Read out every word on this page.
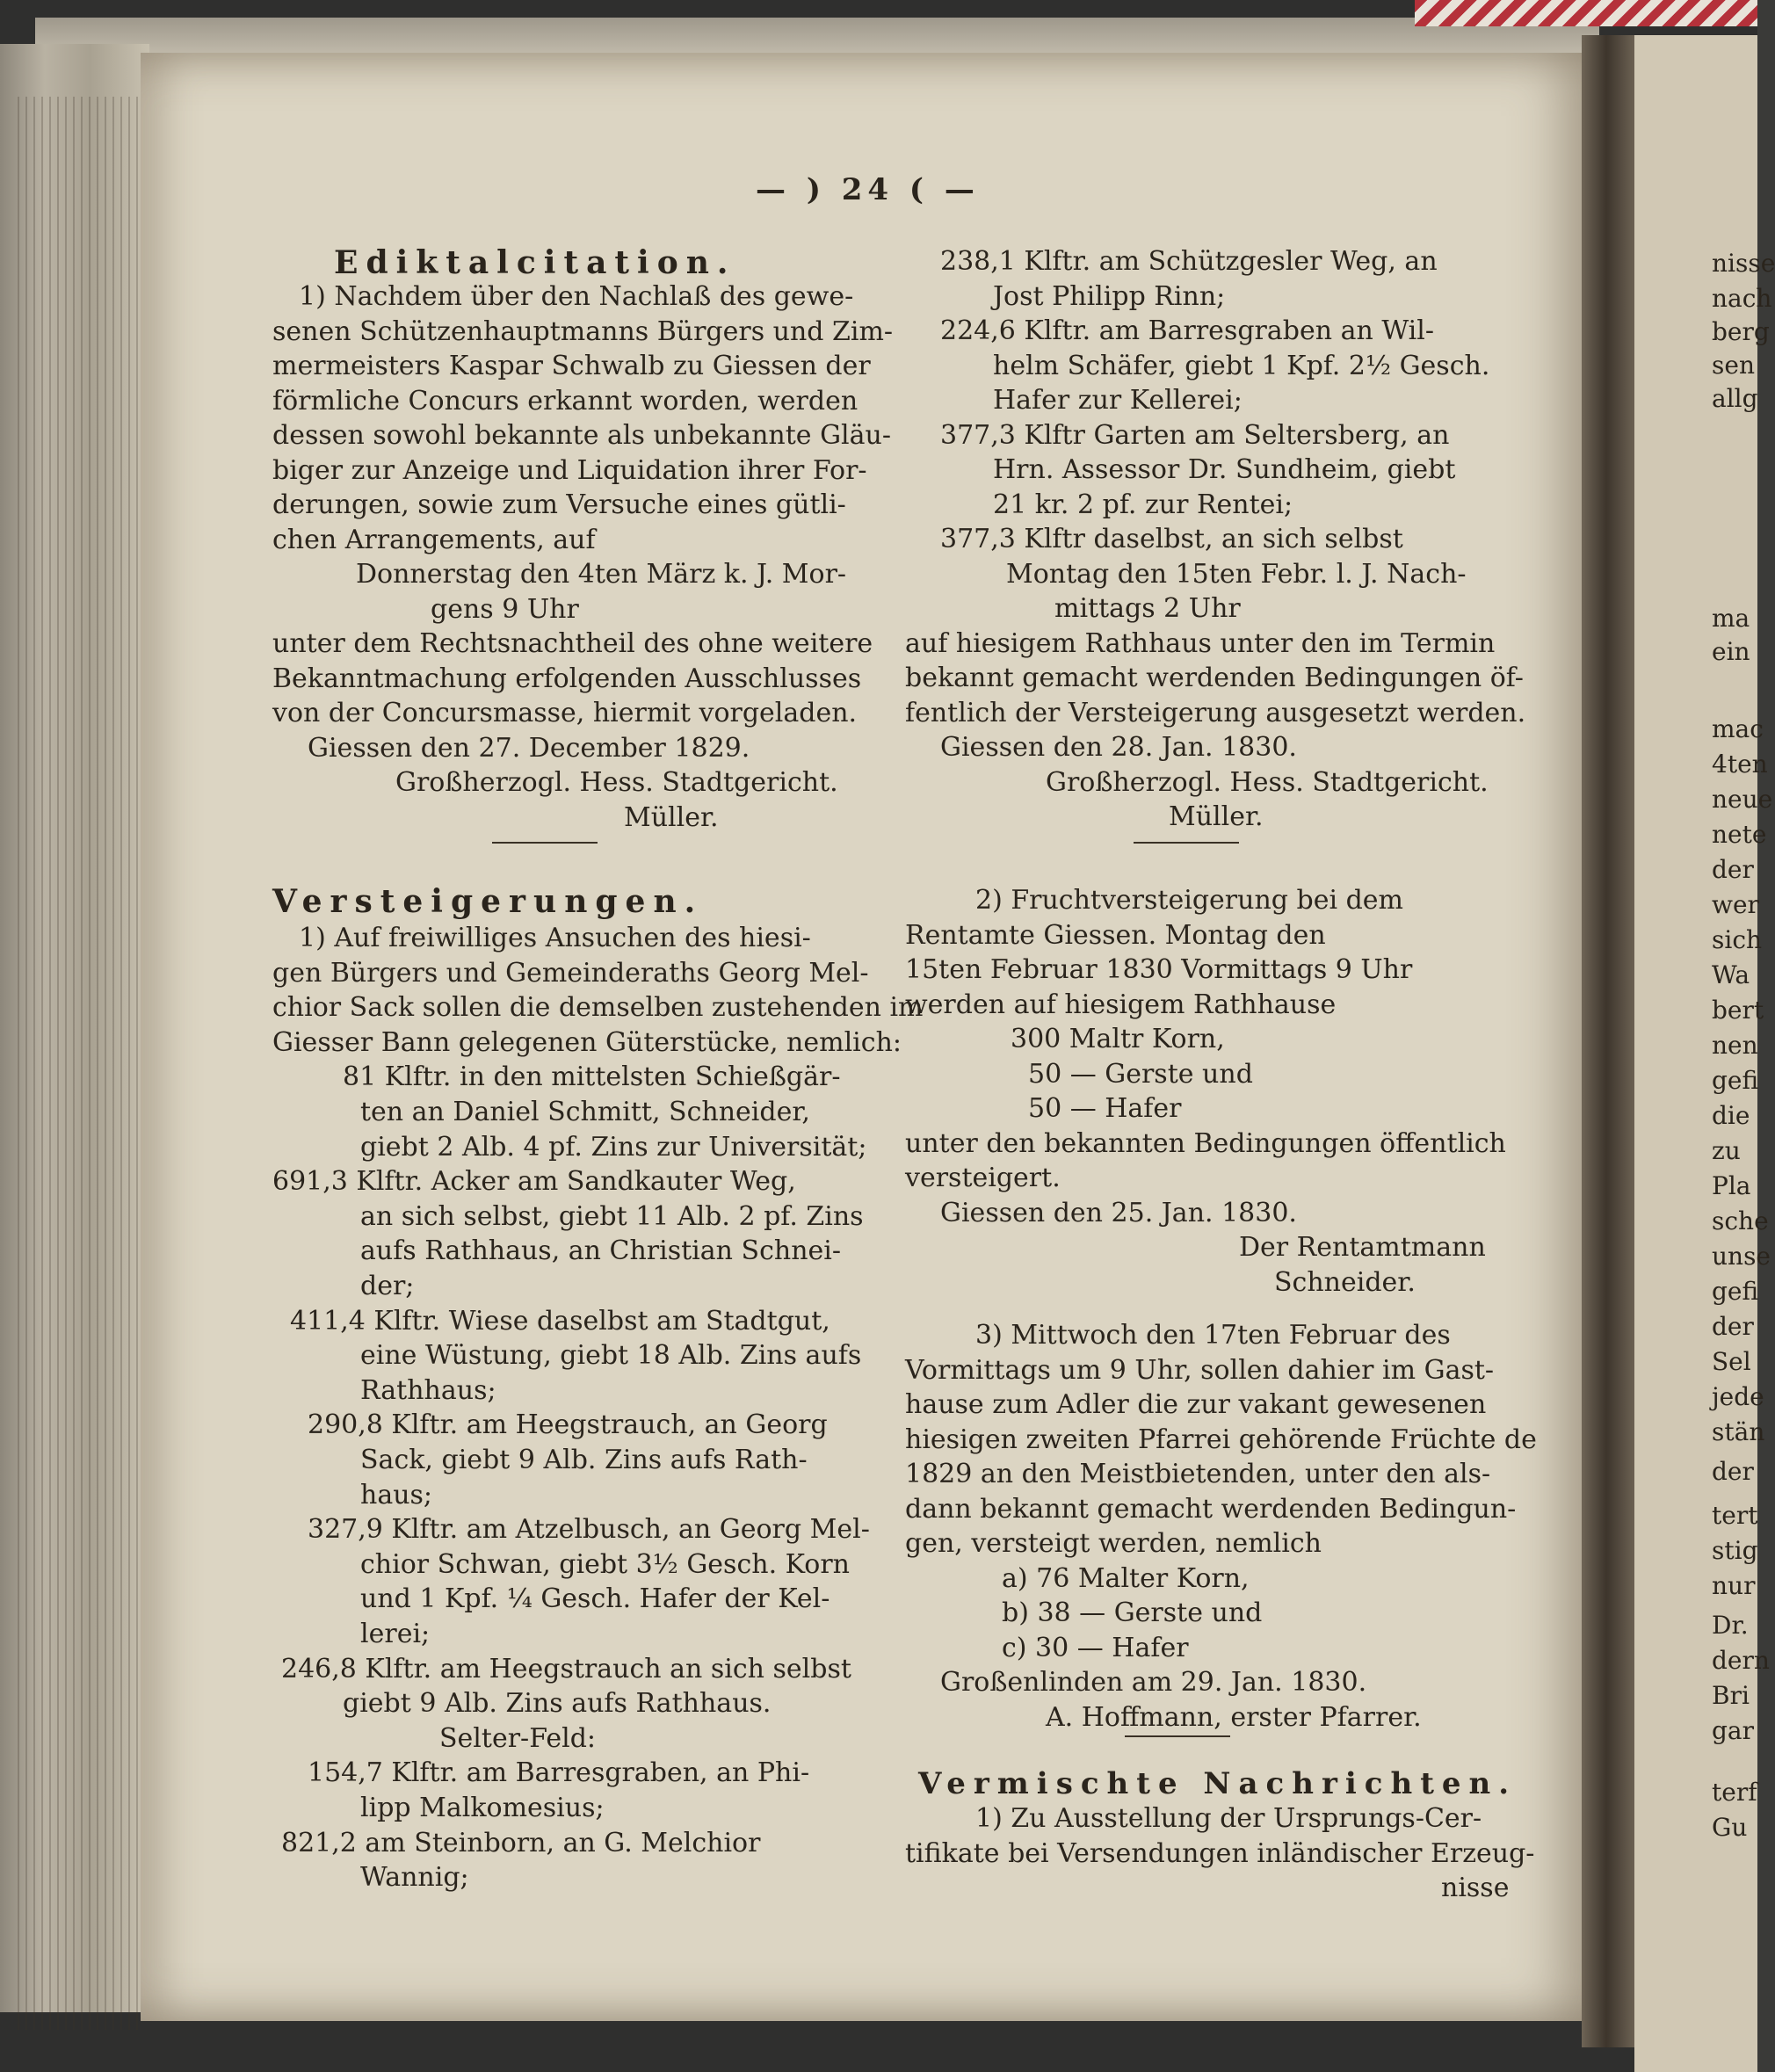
— ) 24 ( —
Ediktalcitation.
1) Nachdem über den Nachlaß des gewe-
senen Schützenhauptmanns Bürgers und Zim-
mermeisters Kaspar Schwalb zu Giessen der
förmliche Concurs erkannt worden, werden
dessen sowohl bekannte als unbekannte Gläu-
biger zur Anzeige und Liquidation ihrer For-
derungen, sowie zum Versuche eines gütli-
chen Arrangements, auf
Donnerstag den 4ten März k. J. Mor-
gens 9 Uhr
unter dem Rechtsnachtheil des ohne weitere
Bekanntmachung erfolgenden Ausschlusses
von der Concursmasse, hiermit vorgeladen.
Giessen den 27. December 1829.
Großherzogl. Hess. Stadtgericht.
Müller.
Versteigerungen.
1) Auf freiwilliges Ansuchen des hiesi-
gen Bürgers und Gemeinderaths Georg Mel-
chior Sack sollen die demselben zustehenden im
Giesser Bann gelegenen Güterstücke, nemlich:
81 Klftr. in den mittelsten Schießgär-
ten an Daniel Schmitt, Schneider,
giebt 2 Alb. 4 pf. Zins zur Universität;
691,3 Klftr. Acker am Sandkauter Weg,
an sich selbst, giebt 11 Alb. 2 pf. Zins
aufs Rathhaus, an Christian Schnei-
der;
411,4 Klftr. Wiese daselbst am Stadtgut,
eine Wüstung, giebt 18 Alb. Zins aufs
Rathhaus;
290,8 Klftr. am Heegstrauch, an Georg
Sack, giebt 9 Alb. Zins aufs Rath-
haus;
327,9 Klftr. am Atzelbusch, an Georg Mel-
chior Schwan, giebt 3½ Gesch. Korn
und 1 Kpf. ¼ Gesch. Hafer der Kel-
lerei;
246,8 Klftr. am Heegstrauch an sich selbst
giebt 9 Alb. Zins aufs Rathhaus.
Selter-Feld:
154,7 Klftr. am Barresgraben, an Phi-
lipp Malkomesius;
821,2 am Steinborn, an G. Melchior
Wannig;
238,1 Klftr. am Schützgesler Weg, an
Jost Philipp Rinn;
224,6 Klftr. am Barresgraben an Wil-
helm Schäfer, giebt 1 Kpf. 2½ Gesch.
Hafer zur Kellerei;
377,3 Klftr Garten am Seltersberg, an
Hrn. Assessor Dr. Sundheim, giebt
21 kr. 2 pf. zur Rentei;
377,3 Klftr daselbst, an sich selbst
Montag den 15ten Febr. l. J. Nach-
mittags 2 Uhr
auf hiesigem Rathhaus unter den im Termin
bekannt gemacht werdenden Bedingungen öf-
fentlich der Versteigerung ausgesetzt werden.
Giessen den 28. Jan. 1830.
Großherzogl. Hess. Stadtgericht.
Müller.
2) Fruchtversteigerung bei dem
Rentamte Giessen. Montag den
15ten Februar 1830 Vormittags 9 Uhr
werden auf hiesigem Rathhause
300 Maltr Korn,
50 — Gerste und
50 — Hafer
unter den bekannten Bedingungen öffentlich
versteigert.
Giessen den 25. Jan. 1830.
Der Rentamtmann
Schneider.
3) Mittwoch den 17ten Februar des
Vormittags um 9 Uhr, sollen dahier im Gast-
hause zum Adler die zur vakant gewesenen
hiesigen zweiten Pfarrei gehörende Früchte de
1829 an den Meistbietenden, unter den als-
dann bekannt gemacht werdenden Bedingun-
gen, versteigt werden, nemlich
a) 76 Malter Korn,
b) 38 — Gerste und
c) 30 — Hafer
Großenlinden am 29. Jan. 1830.
A. Hoffmann, erster Pfarrer.
Vermischte Nachrichten.
1) Zu Ausstellung der Ursprungs-Cer-
tifikate bei Versendungen inländischer Erzeug-
nisse
nisse
nach
berg
sen
allg
ma
ein
mac
4ten
neue
nete
der
wer
sich
Wa
bert
nen
gefi
die
zu
Pla
sche
unse
gefi
der
Sel
jede
stän
der
tert
stig
nur
Dr.
dern
Bri
gar
terf
Gu
